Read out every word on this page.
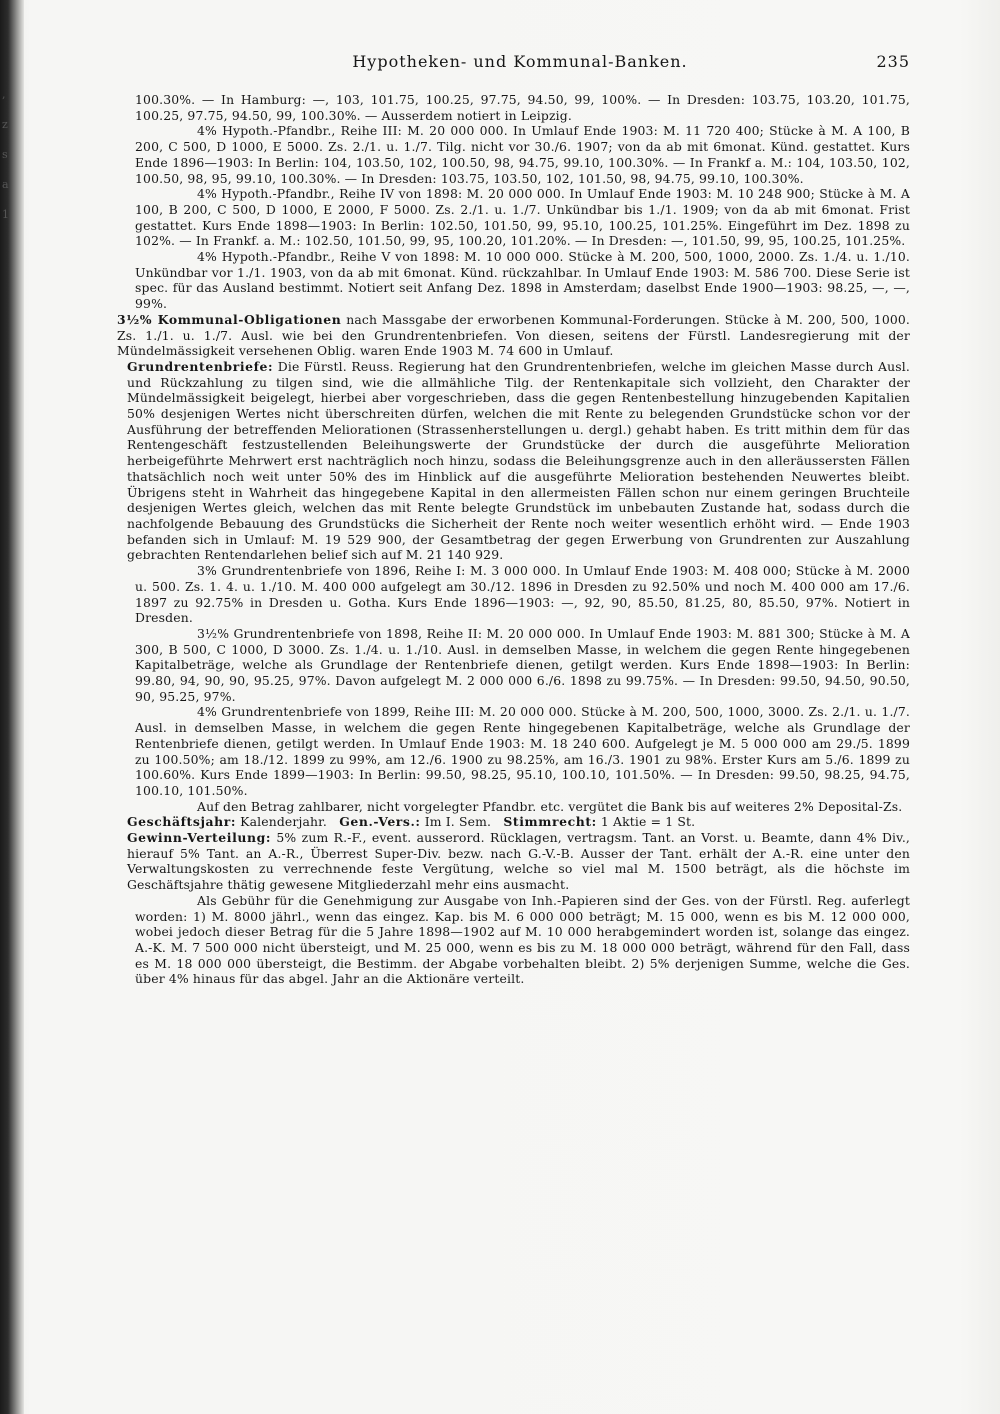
,
z
s
a
1
Hypotheken- und Kommunal-Banken.	235

100.30%. — In Hamburg: —, 103, 101.75, 100.25, 97.75, 94.50, 99, 100%. — In Dresden: 103.75, 103.20, 101.75, 100.25, 97.75, 94.50, 99, 100.30%. — Ausserdem notiert in Leipzig.

4% Hypoth.-Pfandbr., Reihe III: M. 20 000 000. In Umlauf Ende 1903: M. 11 720 400; Stücke à M. A 100, B 200, C 500, D 1000, E 5000. Zs. 2./1. u. 1./7. Tilg. nicht vor 30./6. 1907; von da ab mit 6monat. Künd. gestattet. Kurs Ende 1896—1903: In Berlin: 104, 103.50, 102, 100.50, 98, 94.75, 99.10, 100.30%. — In Frankf a. M.: 104, 103.50, 102, 100.50, 98, 95, 99.10, 100.30%. — In Dresden: 103.75, 103.50, 102, 101.50, 98, 94.75, 99.10, 100.30%.

4% Hypoth.-Pfandbr., Reihe IV von 1898: M. 20 000 000. In Umlauf Ende 1903: M. 10 248 900; Stücke à M. A 100, B 200, C 500, D 1000, E 2000, F 5000. Zs. 2./1. u. 1./7. Unkündbar bis 1./1. 1909; von da ab mit 6monat. Frist gestattet. Kurs Ende 1898—1903: In Berlin: 102.50, 101.50, 99, 95.10, 100.25, 101.25%. Eingeführt im Dez. 1898 zu 102%. — In Frankf. a. M.: 102.50, 101.50, 99, 95, 100.20, 101.20%. — In Dresden: —, 101.50, 99, 95, 100.25, 101.25%.

4% Hypoth.-Pfandbr., Reihe V von 1898: M. 10 000 000. Stücke à M. 200, 500, 1000, 2000. Zs. 1./4. u. 1./10. Unkündbar vor 1./1. 1903, von da ab mit 6monat. Künd. rückzahlbar. In Umlauf Ende 1903: M. 586 700. Diese Serie ist spec. für das Ausland bestimmt. Notiert seit Anfang Dez. 1898 in Amsterdam; daselbst Ende 1900—1903: 98.25, —, —, 99%.

3½% Kommunal-Obligationen nach Massgabe der erworbenen Kommunal-Forderungen. Stücke à M. 200, 500, 1000. Zs. 1./1. u. 1./7. Ausl. wie bei den Grundrentenbriefen. Von diesen, seitens der Fürstl. Landesregierung mit der Mündelmässigkeit versehenen Oblig. waren Ende 1903 M. 74 600 in Umlauf.

Grundrentenbriefe: Die Fürstl. Reuss. Regierung hat den Grundrentenbriefen, welche im gleichen Masse durch Ausl. und Rückzahlung zu tilgen sind, wie die allmähliche Tilg. der Rentenkapitale sich vollzieht, den Charakter der Mündelmässigkeit beigelegt, hierbei aber vorgeschrieben, dass die gegen Rentenbestellung hinzugebenden Kapitalien 50% desjenigen Wertes nicht überschreiten dürfen, welchen die mit Rente zu belegenden Grundstücke schon vor der Ausführung der betreffenden Meliorationen (Strassenherstellungen u. dergl.) gehabt haben. Es tritt mithin dem für das Rentengeschäft festzustellenden Beleihungswerte der Grundstücke der durch die ausgeführte Melioration herbeigeführte Mehrwert erst nachträglich noch hinzu, sodass die Beleihungsgrenze auch in den alleräussersten Fällen thatsächlich noch weit unter 50% des im Hinblick auf die ausgeführte Melioration bestehenden Neuwertes bleibt. Übrigens steht in Wahrheit das hingegebene Kapital in den allermeisten Fällen schon nur einem geringen Bruchteile desjenigen Wertes gleich, welchen das mit Rente belegte Grundstück im unbebauten Zustande hat, sodass durch die nachfolgende Bebauung des Grundstücks die Sicherheit der Rente noch weiter wesentlich erhöht wird. — Ende 1903 befanden sich in Umlauf: M. 19 529 900, der Gesamtbetrag der gegen Erwerbung von Grundrenten zur Auszahlung gebrachten Rentendarlehen belief sich auf M. 21 140 929.

3% Grundrentenbriefe von 1896, Reihe I: M. 3 000 000. In Umlauf Ende 1903: M. 408 000; Stücke à M. 2000 u. 500. Zs. 1. 4. u. 1./10. M. 400 000 aufgelegt am 30./12. 1896 in Dresden zu 92.50% und noch M. 400 000 am 17./6. 1897 zu 92.75% in Dresden u. Gotha. Kurs Ende 1896—1903: —, 92, 90, 85.50, 81.25, 80, 85.50, 97%. Notiert in Dresden.

3½% Grundrentenbriefe von 1898, Reihe II: M. 20 000 000. In Umlauf Ende 1903: M. 881 300; Stücke à M. A 300, B 500, C 1000, D 3000. Zs. 1./4. u. 1./10. Ausl. in demselben Masse, in welchem die gegen Rente hingegebenen Kapitalbeträge, welche als Grundlage der Rentenbriefe dienen, getilgt werden. Kurs Ende 1898—1903: In Berlin: 99.80, 94, 90, 90, 95.25, 97%. Davon aufgelegt M. 2 000 000 6./6. 1898 zu 99.75%. — In Dresden: 99.50, 94.50, 90.50, 90, 95.25, 97%.

4% Grundrentenbriefe von 1899, Reihe III: M. 20 000 000. Stücke à M. 200, 500, 1000, 3000. Zs. 2./1. u. 1./7. Ausl. in demselben Masse, in welchem die gegen Rente hingegebenen Kapitalbeträge, welche als Grundlage der Rentenbriefe dienen, getilgt werden. In Umlauf Ende 1903: M. 18 240 600. Aufgelegt je M. 5 000 000 am 29./5. 1899 zu 100.50%; am 18./12. 1899 zu 99%, am 12./6. 1900 zu 98.25%, am 16./3. 1901 zu 98%. Erster Kurs am 5./6. 1899 zu 100.60%. Kurs Ende 1899—1903: In Berlin: 99.50, 98.25, 95.10, 100.10, 101.50%. — In Dresden: 99.50, 98.25, 94.75, 100.10, 101.50%.

Auf den Betrag zahlbarer, nicht vorgelegter Pfandbr. etc. vergütet die Bank bis auf weiteres 2% Deposital-Zs.

Geschäftsjahr: Kalenderjahr. Gen.-Vers.: Im I. Sem. Stimmrecht: 1 Aktie = 1 St.

Gewinn-Verteilung: 5% zum R.-F., event. ausserord. Rücklagen, vertragsm. Tant. an Vorst. u. Beamte, dann 4% Div., hierauf 5% Tant. an A.-R., Überrest Super-Div. bezw. nach G.-V.-B. Ausser der Tant. erhält der A.-R. eine unter den Verwaltungskosten zu verrechnende feste Vergütung, welche so viel mal M. 1500 beträgt, als die höchste im Geschäftsjahre thätig gewesene Mitgliederzahl mehr eins ausmacht.

Als Gebühr für die Genehmigung zur Ausgabe von Inh.-Papieren sind der Ges. von der Fürstl. Reg. auferlegt worden: 1) M. 8000 jährl., wenn das eingez. Kap. bis M. 6 000 000 beträgt; M. 15 000, wenn es bis M. 12 000 000, wobei jedoch dieser Betrag für die 5 Jahre 1898—1902 auf M. 10 000 herabgemindert worden ist, solange das eingez. A.-K. M. 7 500 000 nicht übersteigt, und M. 25 000, wenn es bis zu M. 18 000 000 beträgt, während für den Fall, dass es M. 18 000 000 übersteigt, die Bestimm. der Abgabe vorbehalten bleibt. 2) 5% derjenigen Summe, welche die Ges. über 4% hinaus für das abgel. Jahr an die Aktionäre verteilt.
